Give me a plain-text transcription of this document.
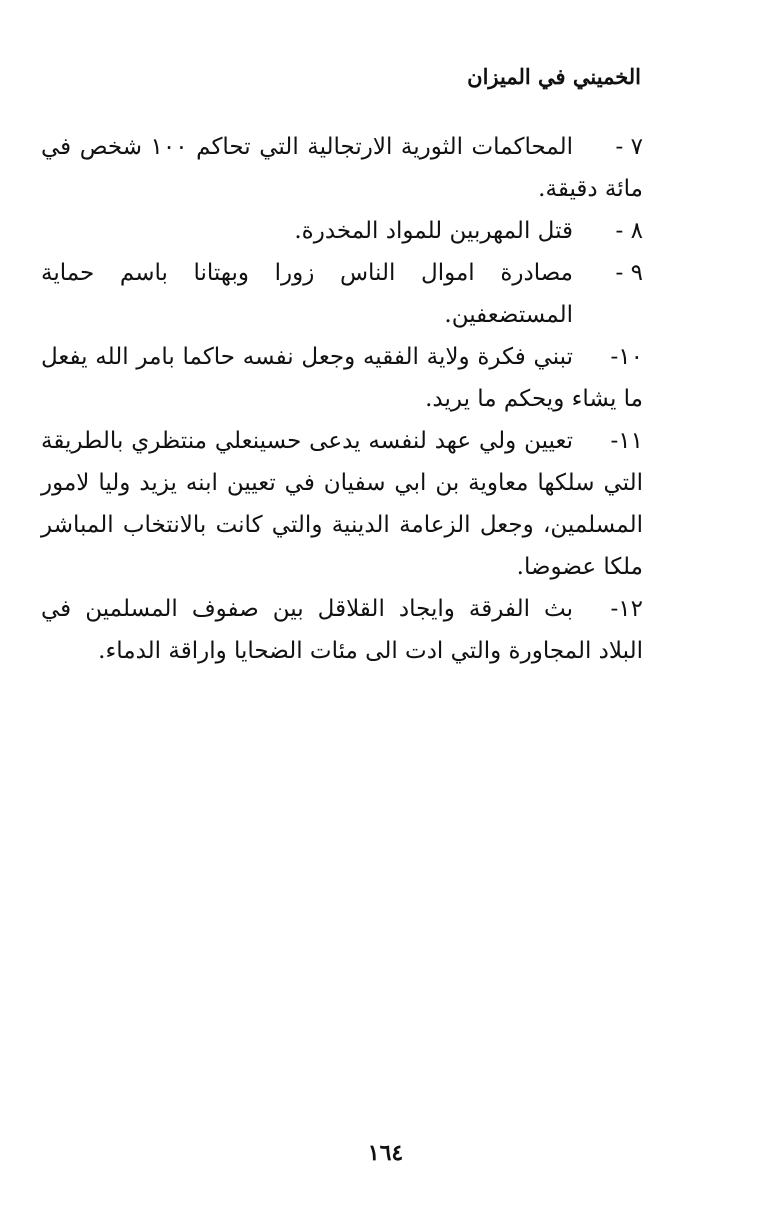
الخميني في الميزان
٧ -
المحاكمات الثورية الارتجالية التي تحاكم ١٠٠ شخص في مائة دقيقة.
٨ -
قتل المهربين للمواد المخدرة.
٩ -
مصادرة اموال الناس زورا وبهتانا باسم حماية المستضعفين.
١٠-
تبني فكرة ولاية الفقيه وجعل نفسه حاكما بامر الله يفعل ما يشاء ويحكم ما يريد.
١١-
تعيين ولي عهد لنفسه يدعى حسينعلي منتظري بالطريقة التي سلكها معاوية بن ابي سفيان في تعيين ابنه يزيد وليا لامور المسلمين، وجعل الزعامة الدينية والتي كانت بالانتخاب المباشر ملكا عضوضا.
١٢-
بث الفرقة وايجاد القلاقل بين صفوف المسلمين في البلاد المجاورة والتي ادت الى مئات الضحايا واراقة الدماء.
١٦٤
